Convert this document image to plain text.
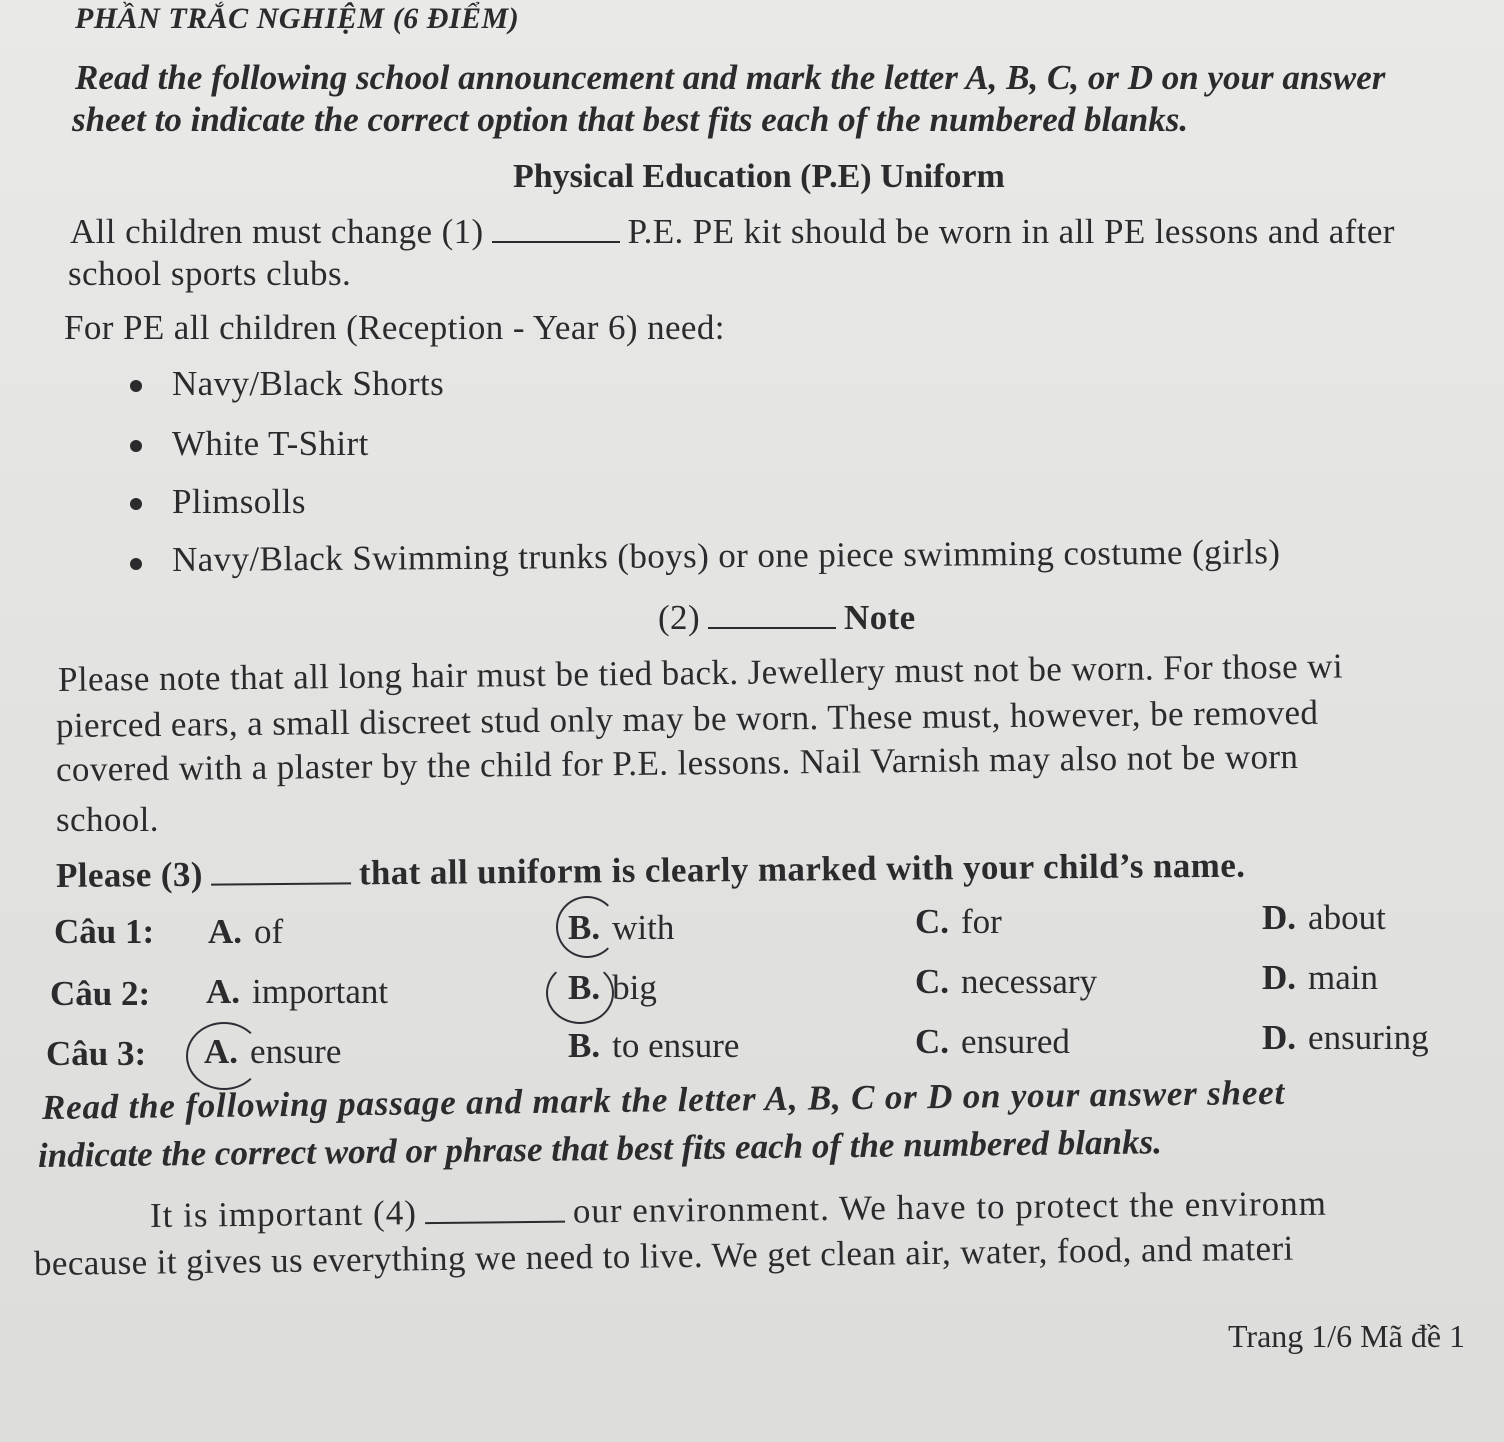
PHẦN TRẮC NGHIỆM (6 ĐIỂM)
Read the following school announcement and mark the letter A, B, C, or D on your answer
sheet to indicate the correct option that best fits each of the numbered blanks.
Physical Education (P.E) Uniform
All children must change (1)	P.E. PE kit should be worn in all PE lessons and after
school sports clubs.
For PE all children (Reception - Year 6) need:
Navy/Black Shorts
White T-Shirt
Plimsolls
Navy/Black Swimming trunks (boys) or one piece swimming costume (girls)
(2)	Note
Please note that all long hair must be tied back. Jewellery must not be worn. For those wi
pierced ears, a small discreet stud only may be worn. These must, however, be removed
covered with a plaster by the child for P.E. lessons. Nail Varnish may also not be worn
school.
Please (3)	that all uniform is clearly marked with your child’s name.
Câu 1: A. of	B. with	C. for	D. about
Câu 2: A. important	B. big	C. necessary	D. main
Câu 3: A. ensure	B. to ensure	C. ensured	D. ensuring
Read the following passage and mark the letter A, B, C or D on your answer sheet
indicate the correct word or phrase that best fits each of the numbered blanks.
It is important (4)	our environment. We have to protect the environm
because it gives us everything we need to live. We get clean air, water, food, and materi
Trang 1/6 Mã đề 1
